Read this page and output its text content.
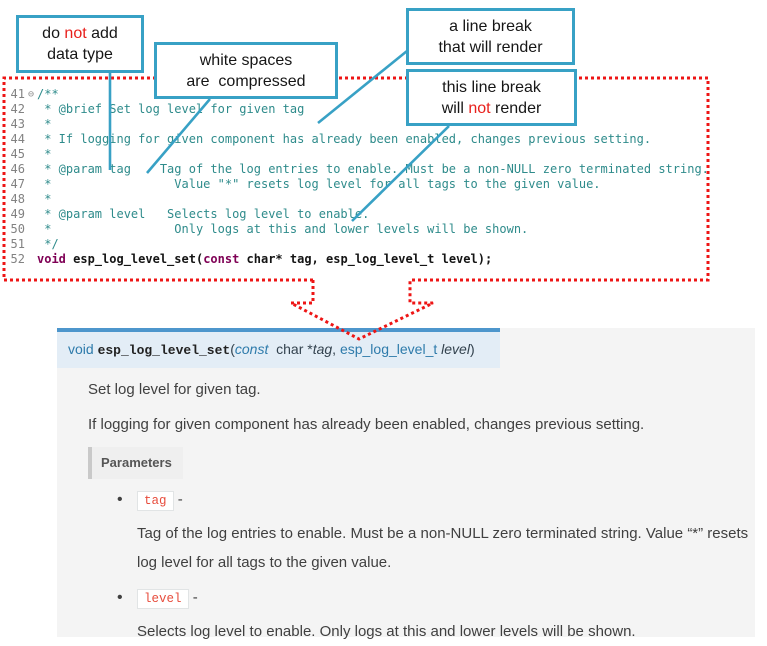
do not add
data type	white spaces
are  compressed
a line break
that will render
this line break
will not render
41 ⊖ /**
42 * @brief Set log level for given tag
43 *
44 * If logging for given component has already been enabled, changes previous setting.
45 *
46 * @param tag    Tag of the log entries to enable. Must be a non-NULL zero terminated string.
47 *                 Value "*" resets log level for all tags to the given value.
48 *
49 * @param level   Selects log level to enable.
50 *                 Only logs at this and lower levels will be shown.
51 */
52 void esp_log_level_set( const char* tag, esp_log_level_t level);
void esp_log_level_set(const  char *tag, esp_log_level_t level)

Set log level for given tag.

If logging for given component has already been enabled, changes previous setting.

Parameters
• tag -
Tag of the log entries to enable. Must be a non-NULL zero terminated string. Value “*” resets log level for all tags to the given value.
• level -
Selects log level to enable. Only logs at this and lower levels will be shown.
